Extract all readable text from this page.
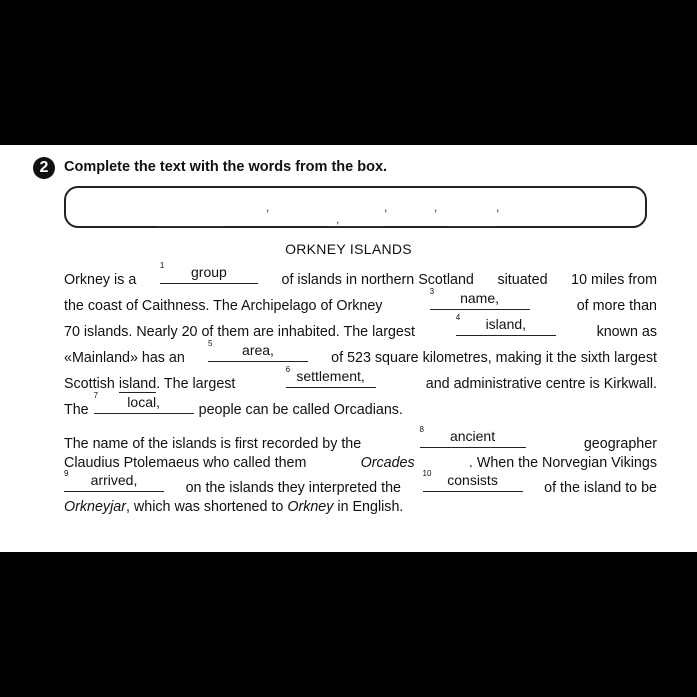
2	Complete the text with the words from the box.
,	,	,	,
,
ORKNEY ISLANDS
Orkney is a
1	group	of islands in northern Scotland situated 10 miles from
the coast of Caithness. The Archipelago of Orkney
3	name,	of more than
70 islands. Nearly 20 of them are inhabited. The largest
4	island,	known as
«Mainland» has an
5	area,	of 523 square kilometres, making it the sixth largest
Scottish island. The largest
6 settlement,	and administrative centre is Kirkwall.
The
7	local,	people can be called Orcadians.
The name of the islands is first recorded by the
8	ancient	geographer
Claudius Ptolemaeus who called them	Orcades	. When the Norvegian Vikings
9	arrived,	on the islands they interpreted the
10	consists	of the island to be
Orkneyjar , which was shortened to
Orkney
in English.
